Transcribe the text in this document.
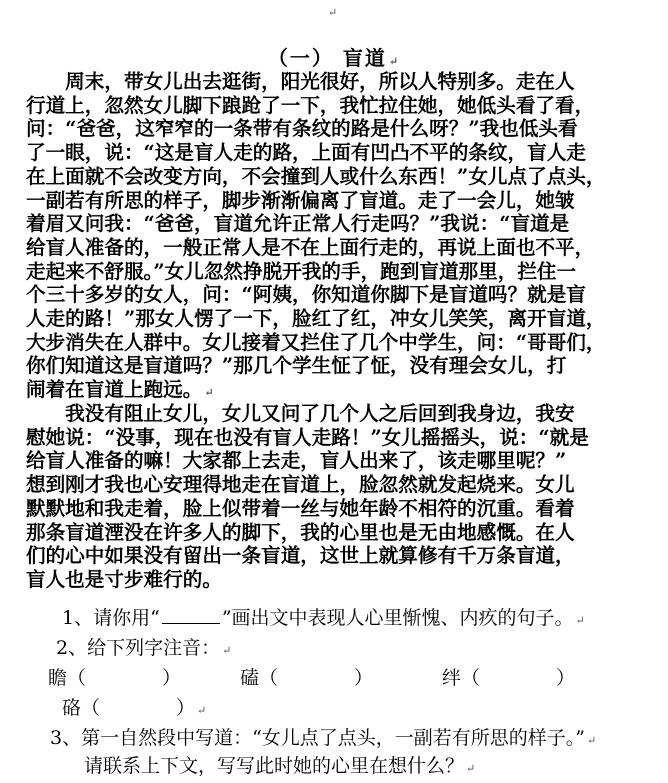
↵
（一） 盲道 ↵
　　周末，带女儿出去逛街，阳光很好，所以人特别多。走在人
行道上，忽然女儿脚下踉跄了一下，我忙拉住她，她低头看了看，
问：“爸爸，这窄窄的一条带有条纹的路是什么呀？”我也低头看
了一眼，说：“这是盲人走的路，上面有凹凸不平的条纹，盲人走
在上面就不会改变方向，不会撞到人或什么东西！”女儿点了点头，
一副若有所思的样子，脚步渐渐偏离了盲道。走了一会儿，她皱
着眉又问我：“爸爸，盲道允许正常人行走吗？”我说：“盲道是
给盲人准备的，一般正常人是不在上面行走的，再说上面也不平，
走起来不舒服。”女儿忽然挣脱开我的手，跑到盲道那里，拦住一
个三十多岁的女人，问：“阿姨，你知道你脚下是盲道吗？就是盲
人走的路！”那女人愣了一下，脸红了红，冲女儿笑笑，离开盲道，
大步消失在人群中。女儿接着又拦住了几个中学生，问：“哥哥们，
你们知道这是盲道吗？”那几个学生怔了怔，没有理会女儿，打
闹着在盲道上跑远。 ↵
　　我没有阻止女儿，女儿又问了几个人之后回到我身边，我安
慰她说：“没事，现在也没有盲人走路！”女儿摇摇头，说：“就是
给盲人准备的嘛！大家都上去走，盲人出来了，该走哪里呢？”
想到刚才我也心安理得地走在盲道上，脸忽然就发起烧来。女儿
默默地和我走着，脸上似带着一丝与她年龄不相符的沉重。看着
那条盲道湮没在许多人的脚下，我的心里也是无由地感慨。在人
们的心中如果没有留出一条盲道，这世上就算修有千万条盲道，
盲人也是寸步难行的。
1、请你用“	”画出文中表现人心里惭愧、内疚的句子。 ↵
2、给下列字注音： ↵
瞻（　　　　）	磕（　　　　）	绊（　　　　）
硌（　　　　） ↵
3、第一自然段中写道：“女儿点了点头，一副若有所思的样子。” ↵
请联系上下文，写写此时她的心里在想什么？ ↵
